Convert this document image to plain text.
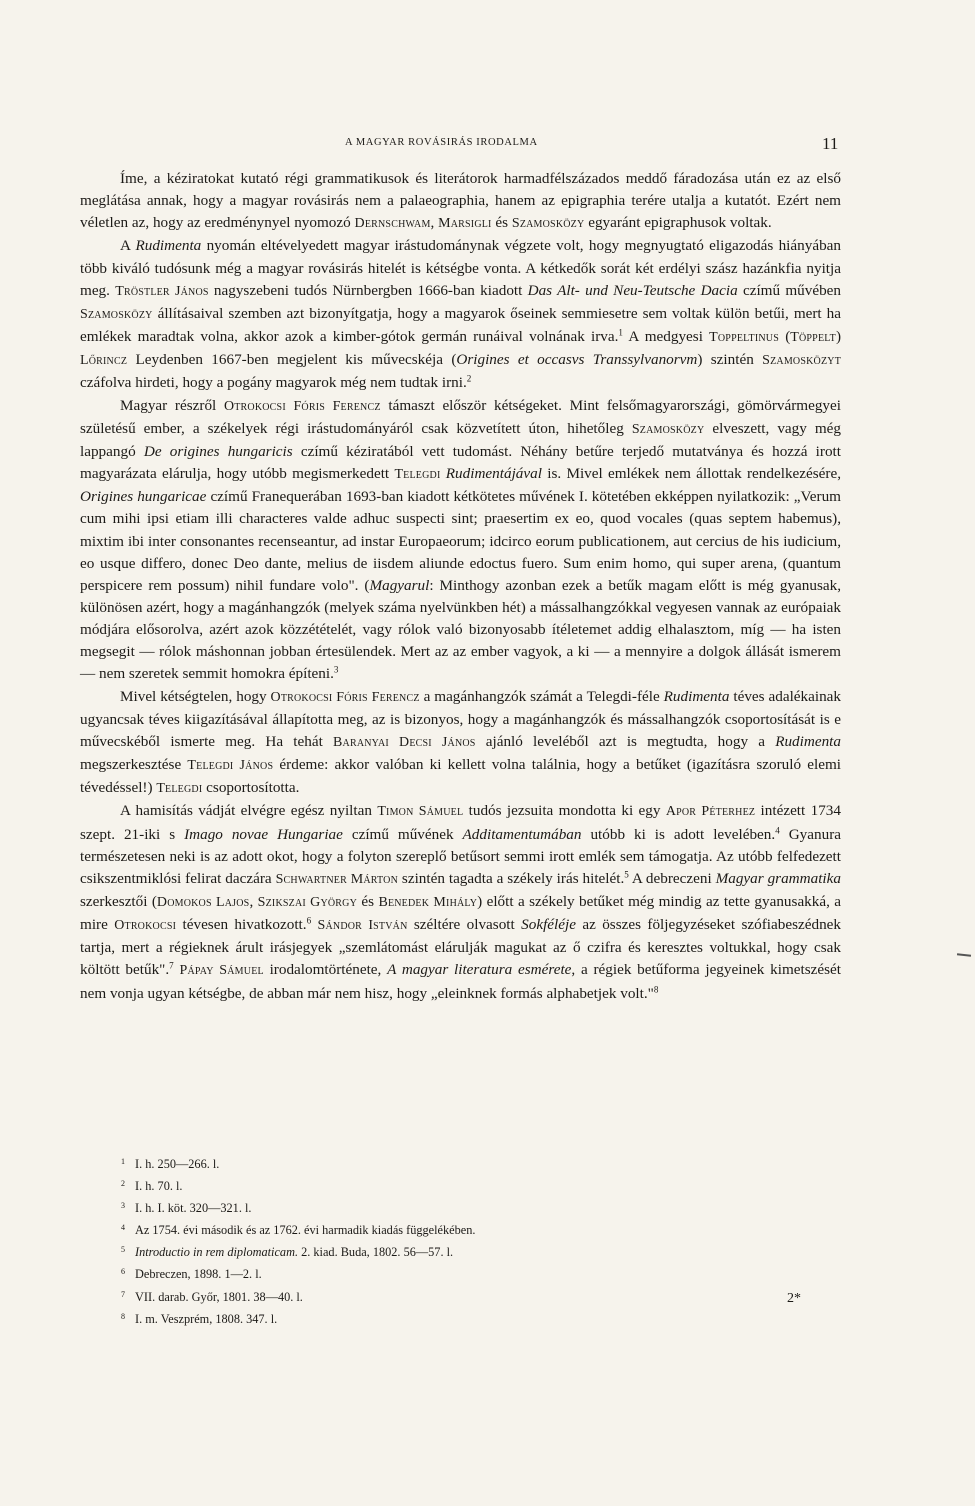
A MAGYAR ROVÁSIRÁS IRODALMA	11

Íme, a kéziratokat kutató régi grammatikusok és literátorok harmadfélszázados meddő fáradozása után ez az első meglátása annak, hogy a magyar rovásirás nem a palaeographia, hanem az epigraphia terére utalja a kutatót. Ezért nem véletlen az, hogy az eredménynyel nyomozó Dernschwam, Marsigli és Szamosközy egyaránt epigraphusok voltak.

A Rudimenta nyomán eltévelyedett magyar irástudománynak végzete volt, hogy megnyugtató eligazodás hiányában több kiváló tudósunk még a magyar rovásirás hitelét is kétségbe vonta. A kétkedők sorát két erdélyi szász hazánkfia nyitja meg. Tröstler János nagyszebeni tudós Nürnbergben 1666-ban kiadott Das Alt- und Neu-Teutsche Dacia czímű művében Szamosközy állításaival szemben azt bizonyítgatja, hogy a magyarok őseinek semmiesetre sem voltak külön betűi, mert ha emlékek maradtak volna, akkor azok a kimber-gótok germán runáival volnának irva.$^1$ A medgyesi Toppeltinus (Töppelt) Lőrincz Leydenben 1667-ben megjelent kis művecskéja (Origines et occasvs Transsylvanorvm) szintén Szamosközyt czáfolva hirdeti, hogy a pogány magyarok még nem tudtak irni.$^2$

Magyar részről Otrokocsi Fóris Ferencz támaszt először kétségeket. Mint felsőmagyarországi, gömörvármegyei születésű ember, a székelyek régi irástudományáról csak közvetített úton, hihetőleg Szamosközy elveszett, vagy még lappangó De origines hungaricis czímű kéziratából vett tudomást. Néhány betűre terjedő mutatványa és hozzá irott magyarázata elárulja, hogy utóbb megismerkedett Telegdi Rudimentájával is. Mivel emlékek nem állottak rendelkezésére, Origines hungaricae czímű Franequerában 1693-ban kiadott kétkötetes művének I. kötetében ekképpen nyilatkozik: „Verum cum mihi ipsi etiam illi characteres valde adhuc suspecti sint; praesertim ex eo, quod vocales (quas septem habemus), mixtim ibi inter consonantes recenseantur, ad instar Europaeorum; idcirco eorum publicationem, aut cercius de his iudicium, eo usque differo, donec Deo dante, melius de iisdem aliunde edoctus fuero. Sum enim homo, qui super arena, (quantum perspicere rem possum) nihil fundare volo". (Magyarul: Minthogy azonban ezek a betűk magam előtt is még gyanusak, különösen azért, hogy a magánhangzók (melyek száma nyelvünkben hét) a mássalhangzókkal vegyesen vannak az európaiak módjára elősorolva, azért azok közzétételét, vagy rólok való bizonyosabb ítéletemet addig elhalasztom, míg — ha isten megsegit — rólok máshonnan jobban értesülendek. Mert az az ember vagyok, a ki — a mennyire a dolgok állását ismerem — nem szeretek semmit homokra építeni.$^3$

Mivel kétségtelen, hogy Otrokocsi Fóris Ferencz a magánhangzók számát a Telegdi-féle Rudimenta téves adalékainak ugyancsak téves kiigazításával állapította meg, az is bizonyos, hogy a magánhangzók és mássalhangzók csoportosítását is e művecskéből ismerte meg. Ha tehát Baranyai Decsi János ajánló leveléből azt is megtudta, hogy a Rudimenta megszerkesztése Telegdi János érdeme: akkor valóban ki kellett volna találnia, hogy a betűket (igazításra szoruló elemi tévedéssel!) Telegdi csoportosította.

A hamisítás vádját elvégre egész nyiltan Timon Sámuel tudós jezsuita mondotta ki egy Apor Péterhez intézett 1734 szept. 21-iki s Imago novae Hungariae czímű művének Additamentumában utóbb ki is adott levelében.$^4$ Gyanura természetesen neki is az adott okot, hogy a folyton szereplő betűsort semmi irott emlék sem támogatja. Az utóbb felfedezett csikszentmiklósi felirat daczára Schwartner Márton szintén tagadta a székely irás hitelét.$^5$ A debreczeni Magyar grammatika szerkesztői (Domokos Lajos, Szikszai György és Benedek Mihály) előtt a székely betűket még mindig az tette gyanusakká, a mire Otrokocsi tévesen hivatkozott.$^6$ Sándor István széltére olvasott Sokféléje az összes följegyzéseket szófiabeszédnek tartja, mert a régieknek árult irásjegyek „szemlátomást elárulják magukat az ő czifra és keresztes voltukkal, hogy csak költött betűk".$^7$ Pápay Sámuel irodalomtörténete, A magyar literatura esmérete, a régiek betűforma jegyeinek kimetszését nem vonja ugyan kétségbe, de abban már nem hisz, hogy „eleinknek formás alphabetjek volt."$^8$

1 I. h. 250—266. l.
2 I. h. 70. l.
3 I. h. I. köt. 320—321. l.
4 Az 1754. évi második és az 1762. évi harmadik kiadás függelékében.
5 Introductio in rem diplomaticam. 2. kiad. Buda, 1802. 56—57. l.
6 Debreczen, 1898. 1—2. l.
7 VII. darab. Győr, 1801. 38—40. l.
8 I. m. Veszprém, 1808. 347. l.
2*
